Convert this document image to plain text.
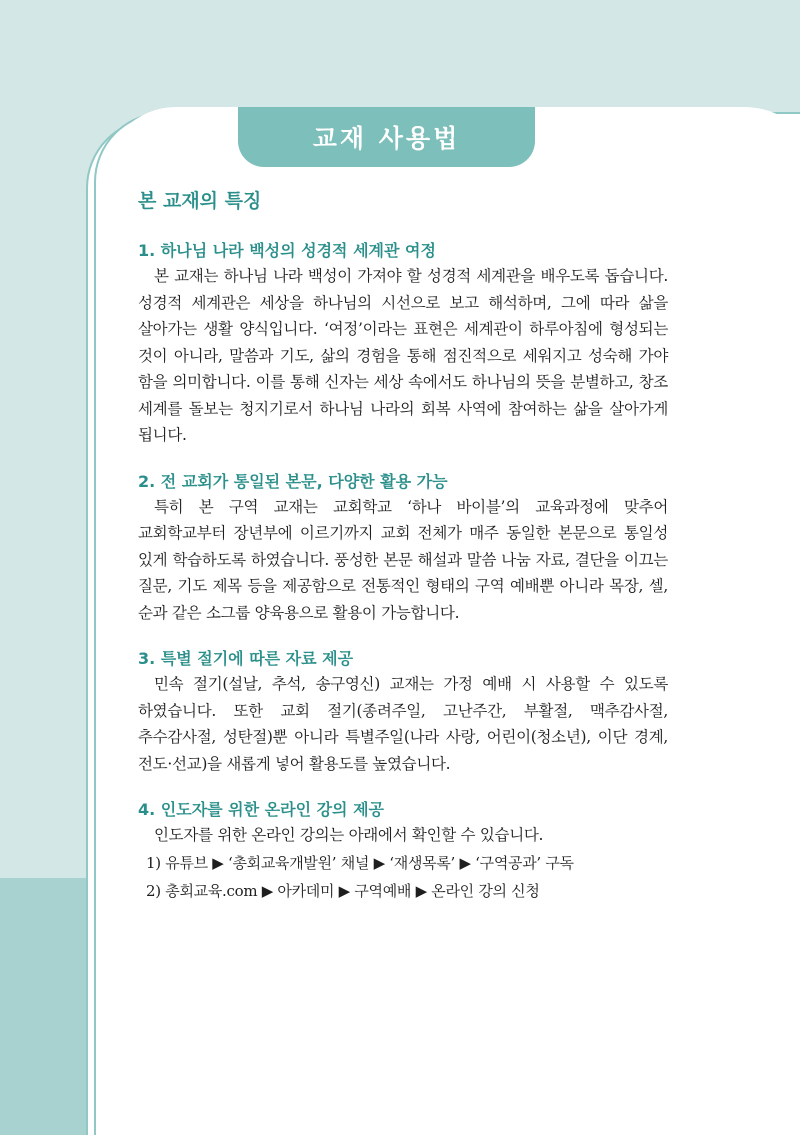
교재 사용법
본 교재의 특징
1. 하나님 나라 백성의 성경적 세계관 여정
본 교재는 하나님 나라 백성이 가져야 할 성경적 세계관을 배우도록 돕습니다. 성경적 세계관은 세상을 하나님의 시선으로 보고 해석하며, 그에 따라 삶을 살아가는 생활 양식입니다. ‘여정’이라는 표현은 세계관이 하루아침에 형성되는 것이 아니라, 말씀과 기도, 삶의 경험을 통해 점진적으로 세워지고 성숙해 가야 함을 의미합니다. 이를 통해 신자는 세상 속에서도 하나님의 뜻을 분별하고, 창조 세계를 돌보는 청지기로서 하나님 나라의 회복 사역에 참여하는 삶을 살아가게 됩니다.
2. 전 교회가 통일된 본문, 다양한 활용 가능
특히 본 구역 교재는 교회학교 ‘하나 바이블’의 교육과정에 맞추어 교회학교부터 장년부에 이르기까지 교회 전체가 매주 동일한 본문으로 통일성 있게 학습하도록 하였습니다. 풍성한 본문 해설과 말씀 나눔 자료, 결단을 이끄는 질문, 기도 제목 등을 제공함으로 전통적인 형태의 구역 예배뿐 아니라 목장, 셀, 순과 같은 소그룹 양육용으로 활용이 가능합니다.
3. 특별 절기에 따른 자료 제공
민속 절기(설날, 추석, 송구영신) 교재는 가정 예배 시 사용할 수 있도록 하였습니다. 또한 교회 절기(종려주일, 고난주간, 부활절, 맥추감사절, 추수감사절, 성탄절)뿐 아니라 특별주일(나라 사랑, 어린이(청소년), 이단 경계, 전도·선교)을 새롭게 넣어 활용도를 높였습니다.
4. 인도자를 위한 온라인 강의 제공
인도자를 위한 온라인 강의는 아래에서 확인할 수 있습니다.
1) 유튜브 ▶ ‘총회교육개발원’ 채널 ▶ ‘재생목록’ ▶ ‘구역공과’ 구독
2) 총회교육.com ▶ 아카데미 ▶ 구역예배 ▶ 온라인 강의 신청
